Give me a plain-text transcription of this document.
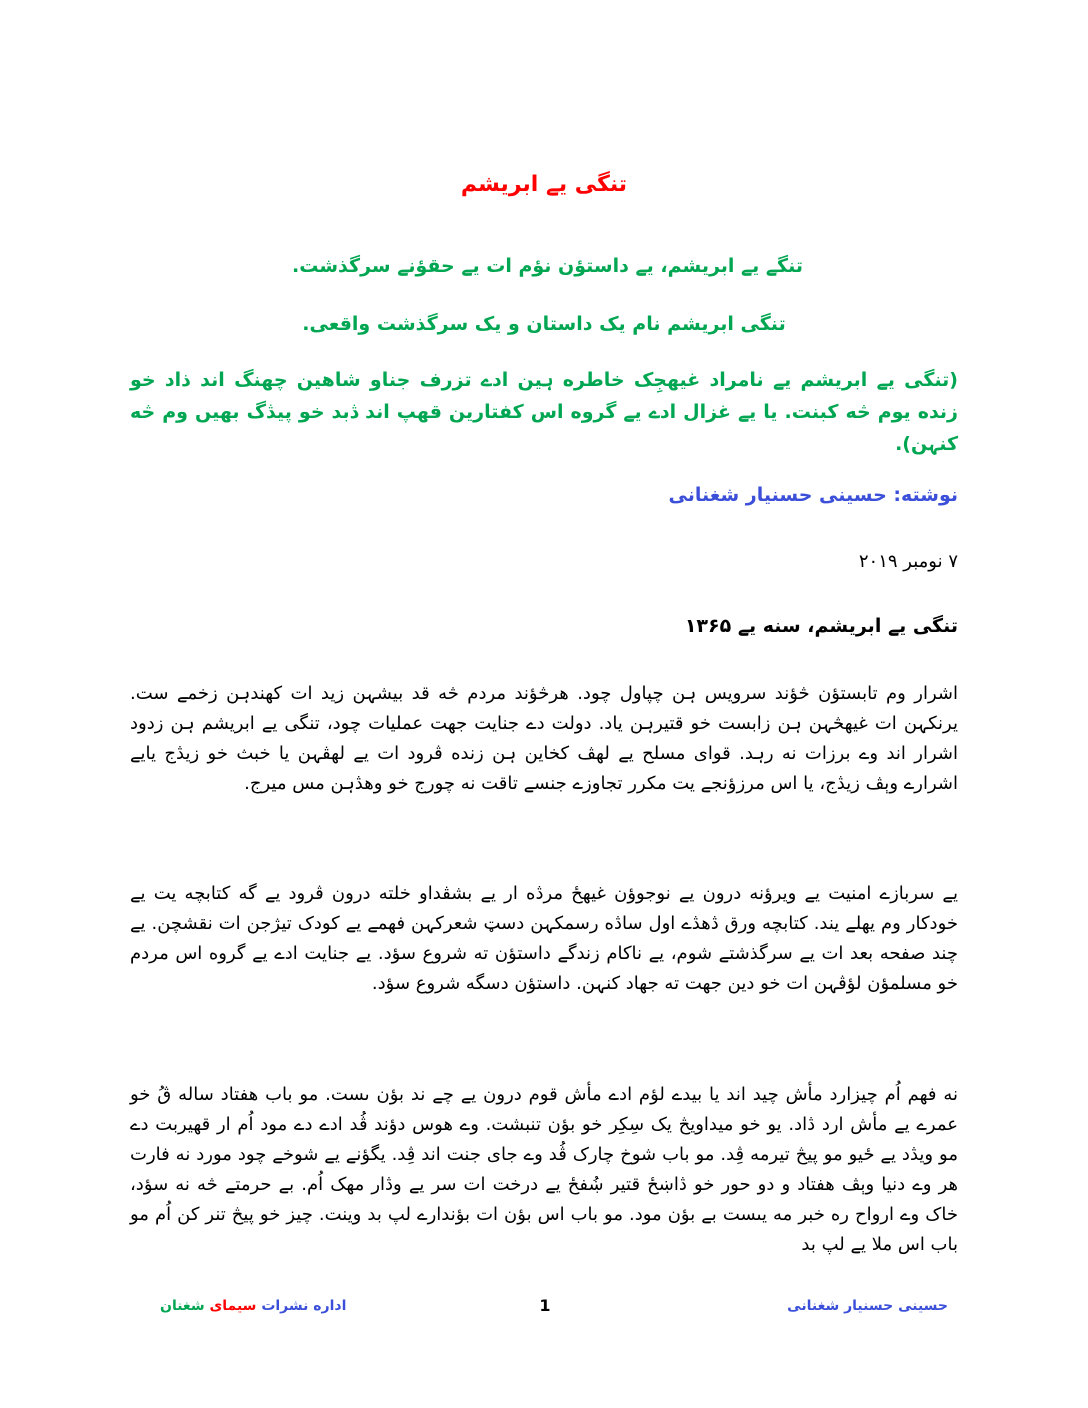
تنگی یے ابریشم
تنگے یے ابریشم، یے داستؤن نؤم ات یے حقؤنے سرگذشت.
تنگی ابریشم نام یک داستان و یک سرگذشت واقعی.
(تنگی یے ابریشم یے نامراد غیھجِک خاطره ہین ادے تزرف جناو شاهین چهنگ اند ذاد خو زنده یوم څه کبنت. یا یے غزال ادے یے گروه اس کفتارین قهپ اند ڎبد خو پیڎگ بهیں وم څه کنہن).
نوشته: حسینی حسنیار شغنانی
۷ نومبر ۲۰۱۹
تنگی یے ابریشم، سنه یے ۱۳۶۵
اشرار وم تابستؤن څؤند سرویس ہن چپاول چود. هرڅؤند مردم څه قد بیشہن زید ات کهندہن زخمے ست. یرنکہن ات غیھڅہن ہن زابست خو قتیرہن یاد. دولت دے جنایت جهت عملیات چود، تنگی یے ابریشم ہن زدود اشرار اند وے برزات نه رہد. قوای مسلح یے لهڤ کخاین ہن زنده ڤرود ات یے لهڤہن یا خبث خو زیڎج یایے اشرارے وېڤ زیڎج، یا اس مرزؤنجے یت مکرر تجاوزے جنسے تاقت نه چورج خو وهڎہن مس میرج.
یے سربازے امنیت یے ویرؤنه درون یے نوجوؤن غیھځ مرڎه ار یے بشڤداو خلته درون ڤرود یے گه کتابچه یت یے خودکار وم یهلے یند. کتابچه ورق ڎهڎے اول ساڎه رسمکہن دسټ شعرکہن فهمے یے کودک تیژجن ات نقشچن. یے چند صفحه بعد ات یے سرگذشتے شوم، یے ناکام زندگے داستؤن ته شروع سؤد. یے جنایت ادے یے گروه اس مردم خو مسلمؤن لؤڤہن ات خو دین جهت ته جهاد کنہن. داستؤن دسگه شروع سؤد.
نه فهم اُم چیزارد مأش چید اند یا بیدے لؤم ادے مأش قوم درون یے چے ند بؤن ںست. مو باب هفتاد ساله ڨُ خو عمرے یے مأش ارد ڎاد. یو خو میداویڅ یک سِکِر خو بؤن تنبشت. وے هوس دؤند ڨُد ادے دے مود اُم ار قهیربت دے مو ویڎد یے ځیو مو پیڅ تیرمه ڨِد. مو باب شوخ چارک ڨُد وے جای جنت اند ڨِد. یگؤنے یے شوخے چود مورد نه فارت هر وے دنیا وېڤ هفتاد و دو حور خو ڎاښځ قتیر ښُفځ یے درخت ات سر یے وڎار مهک اُم. بے حرمتے څه نه سؤد، خاک وے ارواح ره خبر مه یںست بے بؤن مود. مو باب اس بؤن ات بؤندارے لپ بد وینت. چیز خو پیڅ تنر کن اُم مو باب اس ملا یے لپ بد
حسینی حسنیار شغنانی
1
اداره نشرات سیمای شغنان
